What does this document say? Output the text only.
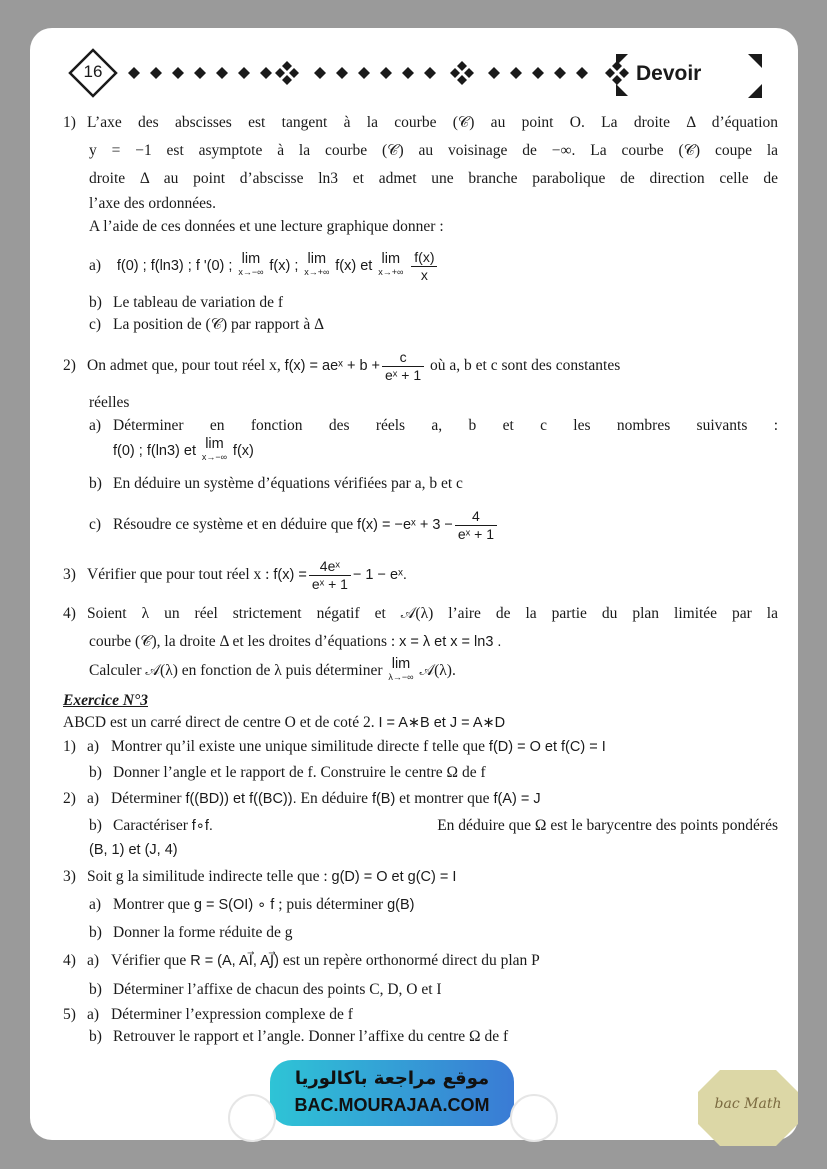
16	Devoir
1) L’axe des abscisses est tangent à la courbe (𝒞) au point O. La droite Δ d’équation
y = −1 est asymptote à la courbe (𝒞) au voisinage de −∞. La courbe (𝒞) coupe la
droite Δ au point d’abscisse ln3 et admet une branche parabolique de direction celle de
l’axe des ordonnées.
A l’aide de ces données et une lecture graphique donner :
a) f(0) ; f(ln3) ; f '(0) ; lim
x→−∞ f(x) ; lim
x→+∞ f(x) et lim
x→+∞
$\frac{f(x)}{x}$
b) Le tableau de variation de f
c) La position de (𝒞) par rapport à Δ
2) On admet que, pour tout réel x, f(x) = aeˣ + $b + \frac{c}{\text{eˣ + 1}}$ où a, b et c sont des constantes
réelles
a) Déterminer en fonction des réels a, b et c les nombres suivants :
f(0) ; f(ln3) et lim
x→−∞ f(x)
b) En déduire un système d’équations vérifiées par a, b et c
c) Résoudre ce système et en déduire que f(x) = −eˣ + $3 - \frac{4}{\text{eˣ + 1}}$
3) Vérifier que pour tout réel x : $f(x) = \frac{\text{4eˣ}}{\text{eˣ + 1}} - 1$ − eˣ.
4) Soient λ un réel strictement négatif et 𝒜(λ) l’aire de la partie du plan limitée par la
courbe (𝒞), la droite Δ et les droites d’équations : x = λ et x = ln3 .
Calculer 𝒜(λ) en fonction de λ puis déterminer lim
λ→−∞ 𝒜(λ).
Exercice N°3
ABCD est un carré direct de centre O et de coté 2. I = A∗B et J = A∗D
1) a) Montrer qu’il existe une unique similitude directe f telle que f(D) = O et f(C) = I
b) Donner l’angle et le rapport de f. Construire le centre Ω de f
2) a) Déterminer f((BD)) et f((BC)). En déduire f(B) et montrer que f(A) = J
b) Caractériser f∘f.	En déduire que Ω est le barycentre des points pondérés
(B, 1) et (J, 4)
3) Soit g la similitude indirecte telle que : g(D) = O et g(C) = I
a) Montrer que g = S(OI) ∘ f ; puis déterminer g(B)
b) Donner la forme réduite de g
4) a) Vérifier que R = (A, AI⃗, AJ⃗) est un repère orthonormé direct du plan P
b) Déterminer l’affixe de chacun des points C, D, O et I
5) a) Déterminer l’expression complexe de f
b) Retrouver le rapport et l’angle. Donner l’affixe du centre Ω de f
موقع مراجعة باكالوريا
BAC.MOURAJAA.COM	bac Math
